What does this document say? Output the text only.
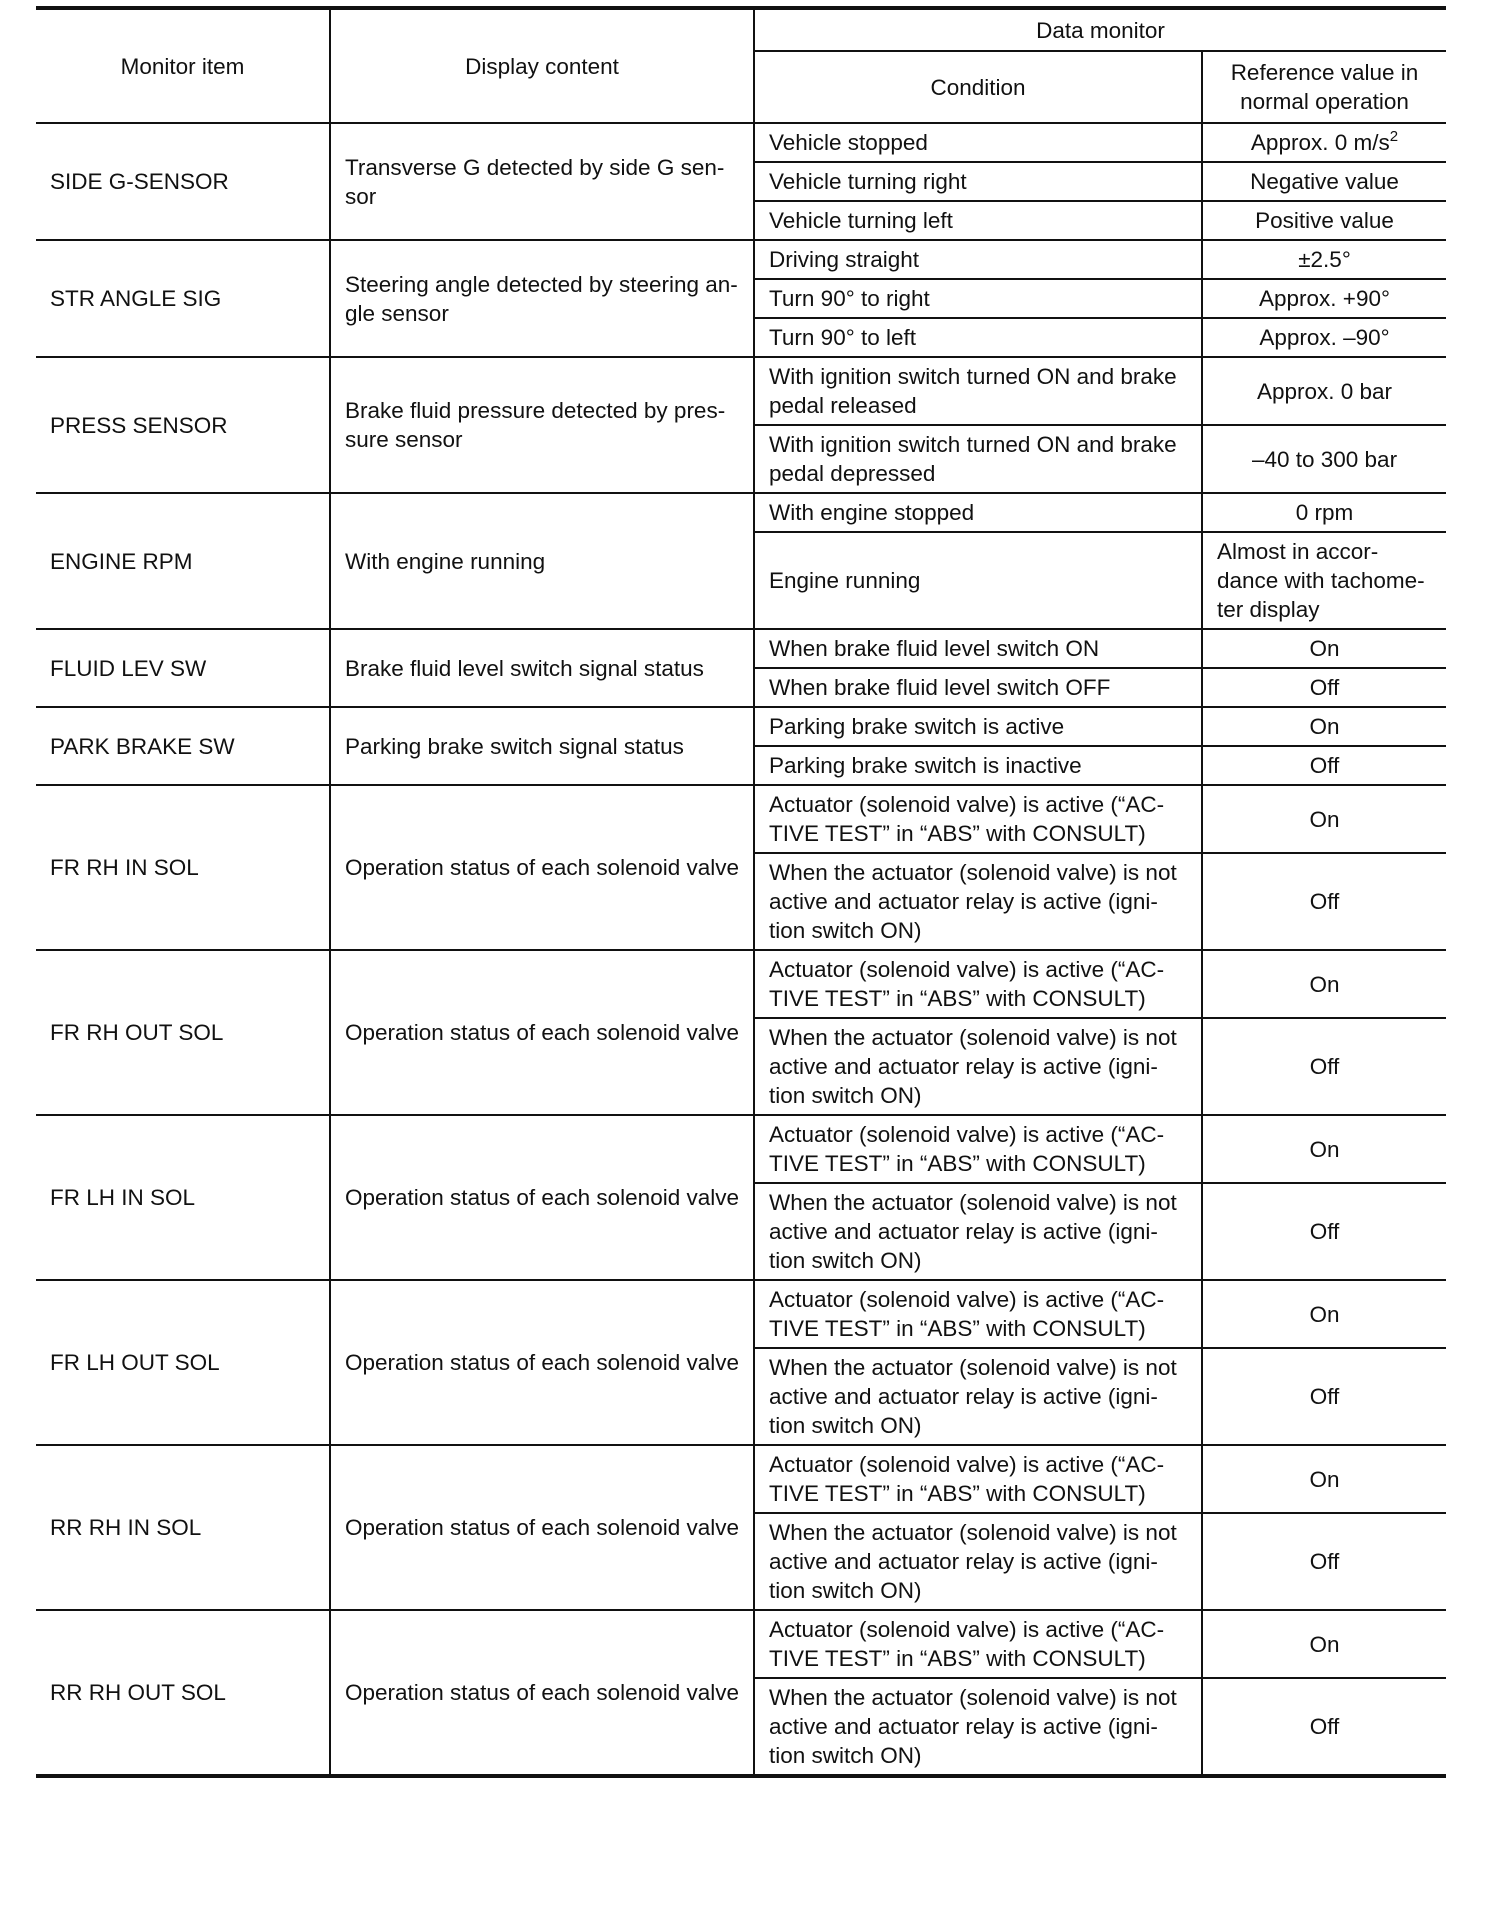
Monitor item	Display content	Data monitor	
		Condition	Reference value in normal operation
SIDE G-SENSOR	Transverse G detected by side G sen-sor	Vehicle stopped	Approx. 0 $m/s^2$
		Vehicle turning right	Negative value
		Vehicle turning left	Positive value
STR ANGLE SIG	Steering angle detected by steering an-gle sensor	Driving straight	±2.5°
		Turn 90° to right	Approx. +90°
		Turn 90° to left	Approx. –90°
PRESS SENSOR	Brake fluid pressure detected by pres-sure sensor	With ignition switch turned ON and brake pedal released	Approx. 0 bar
		With ignition switch turned ON and brake pedal depressed	–40 to 300 bar
ENGINE RPM	With engine running	With engine stopped	0 rpm
		Engine running	Almost in accor-dance with tachome-ter display
FLUID LEV SW	Brake fluid level switch signal status	When brake fluid level switch ON	On
		When brake fluid level switch OFF	Off
PARK BRAKE SW	Parking brake switch signal status	Parking brake switch is active	On
		Parking brake switch is inactive	Off
FR RH IN SOL	Operation status of each solenoid valve	Actuator (solenoid valve) is active (“AC-TIVE TEST” in “ABS” with CONSULT)	On
		When the actuator (solenoid valve) is not active and actuator relay is active (igni-tion switch ON)	Off
FR RH OUT SOL	Operation status of each solenoid valve	Actuator (solenoid valve) is active (“AC-TIVE TEST” in “ABS” with CONSULT)	On
		When the actuator (solenoid valve) is not active and actuator relay is active (igni-tion switch ON)	Off
FR LH IN SOL	Operation status of each solenoid valve	Actuator (solenoid valve) is active (“AC-TIVE TEST” in “ABS” with CONSULT)	On
		When the actuator (solenoid valve) is not active and actuator relay is active (igni-tion switch ON)	Off
FR LH OUT SOL	Operation status of each solenoid valve	Actuator (solenoid valve) is active (“AC-TIVE TEST” in “ABS” with CONSULT)	On
		When the actuator (solenoid valve) is not active and actuator relay is active (igni-tion switch ON)	Off
RR RH IN SOL	Operation status of each solenoid valve	Actuator (solenoid valve) is active (“AC-TIVE TEST” in “ABS” with CONSULT)	On
		When the actuator (solenoid valve) is not active and actuator relay is active (igni-tion switch ON)	Off
RR RH OUT SOL	Operation status of each solenoid valve	Actuator (solenoid valve) is active (“AC-TIVE TEST” in “ABS” with CONSULT)	On
		When the actuator (solenoid valve) is not active and actuator relay is active (igni-tion switch ON)	Off
